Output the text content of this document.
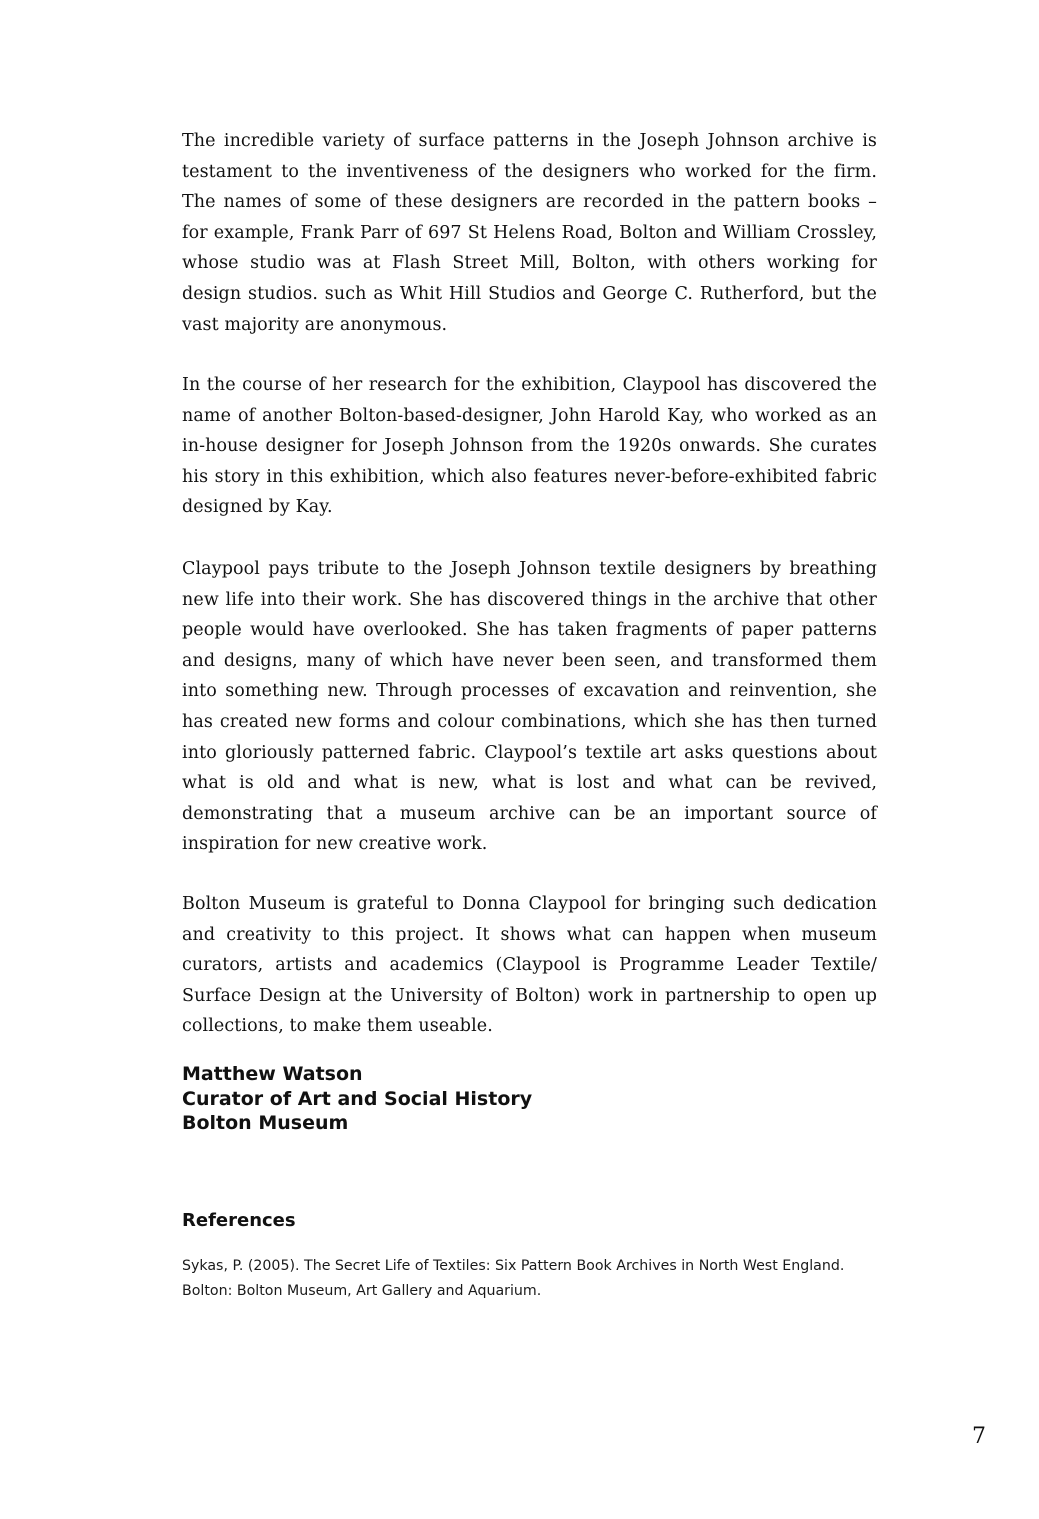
The incredible variety of surface patterns in the Joseph Johnson archive is testament to the inventiveness of the designers who worked for the firm. The names of some of these designers are recorded in the pattern books – for example, Frank Parr of 697 St Helens Road, Bolton and William Crossley, whose studio was at Flash Street Mill, Bolton, with others working for design studios. such as Whit Hill Studios and George C. Rutherford, but the vast majority are anonymous.

In the course of her research for the exhibition, Claypool has discovered the name of another Bolton-based-designer, John Harold Kay, who worked as an in-house designer for Joseph Johnson from the 1920s onwards. She curates his story in this exhibition, which also features never-before-exhibited fabric designed by Kay.

Claypool pays tribute to the Joseph Johnson textile designers by breathing new life into their work. She has discovered things in the archive that other people would have overlooked. She has taken fragments of paper patterns and designs, many of which have never been seen, and transformed them into something new. Through processes of excavation and reinvention, she has created new forms and colour combinations, which she has then turned into gloriously patterned fabric. Claypool’s textile art asks questions about what is old and what is new, what is lost and what can be revived, demonstrating that a museum archive can be an important source of inspiration for new creative work.

Bolton Museum is grateful to Donna Claypool for bringing such dedication and creativity to this project. It shows what can happen when museum curators, artists and academics (Claypool is Programme Leader Textile/ Surface Design at the University of Bolton) work in partnership to open up collections, to make them useable.

Matthew Watson
Curator of Art and Social History
Bolton Museum
References

Sykas, P. (2005). The Secret Life of Textiles: Six Pattern Book Archives in North West England. Bolton: Bolton Museum, Art Gallery and Aquarium.

7
